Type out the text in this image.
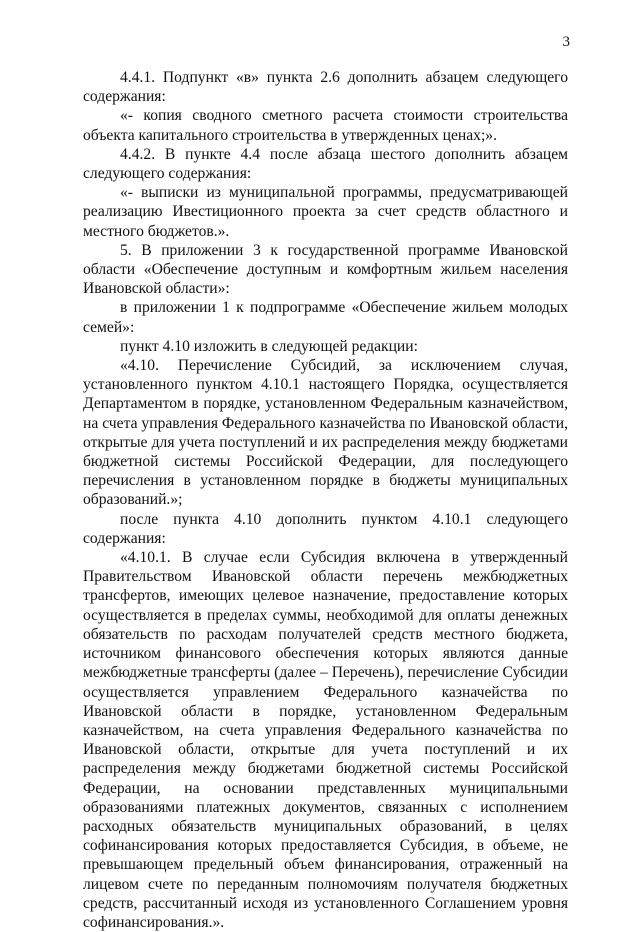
3

4.4.1. Подпункт «в» пункта 2.6 дополнить абзацем следующего содержания:

«- копия сводного сметного расчета стоимости строительства объекта капитального строительства в утвержденных ценах;».

4.4.2. В пункте 4.4 после абзаца шестого дополнить абзацем следующего содержания:

«- выписки из муниципальной программы, предусматривающей реализацию Ивестиционного проекта за счет средств областного и местного бюджетов.».

5. В приложении 3 к государственной программе Ивановской области «Обеспечение доступным и комфортным жильем населения Ивановской области»:

в приложении 1 к подпрограмме «Обеспечение жильем молодых семей»:

пункт 4.10 изложить в следующей редакции:

«4.10. Перечисление Субсидий, за исключением случая, установленного пунктом 4.10.1 настоящего Порядка, осуществляется Департаментом в порядке, установленном Федеральным казначейством, на счета управления Федерального казначейства по Ивановской области, открытые для учета поступлений и их распределения между бюджетами бюджетной системы Российской Федерации, для последующего перечисления в установленном порядке в бюджеты муниципальных образований.»;

после пункта 4.10 дополнить пунктом 4.10.1 следующего содержания:

«4.10.1. В случае если Субсидия включена в утвержденный Правительством Ивановской области перечень межбюджетных трансфертов, имеющих целевое назначение, предоставление которых осуществляется в пределах суммы, необходимой для оплаты денежных обязательств по расходам получателей средств местного бюджета, источником финансового обеспечения которых являются данные межбюджетные трансферты (далее – Перечень), перечисление Субсидии осуществляется управлением Федерального казначейства по Ивановской области в порядке, установленном Федеральным казначейством, на счета управления Федерального казначейства по Ивановской области, открытые для учета поступлений и их распределения между бюджетами бюджетной системы Российской Федерации, на основании представленных муниципальными образованиями платежных документов, связанных с исполнением расходных обязательств муниципальных образований, в целях софинансирования которых предоставляется Субсидия, в объеме, не превышающем предельный объем финансирования, отраженный на лицевом счете по переданным полномочиям получателя бюджетных средств, рассчитанный исходя из установленного Соглашением уровня софинансирования.».
